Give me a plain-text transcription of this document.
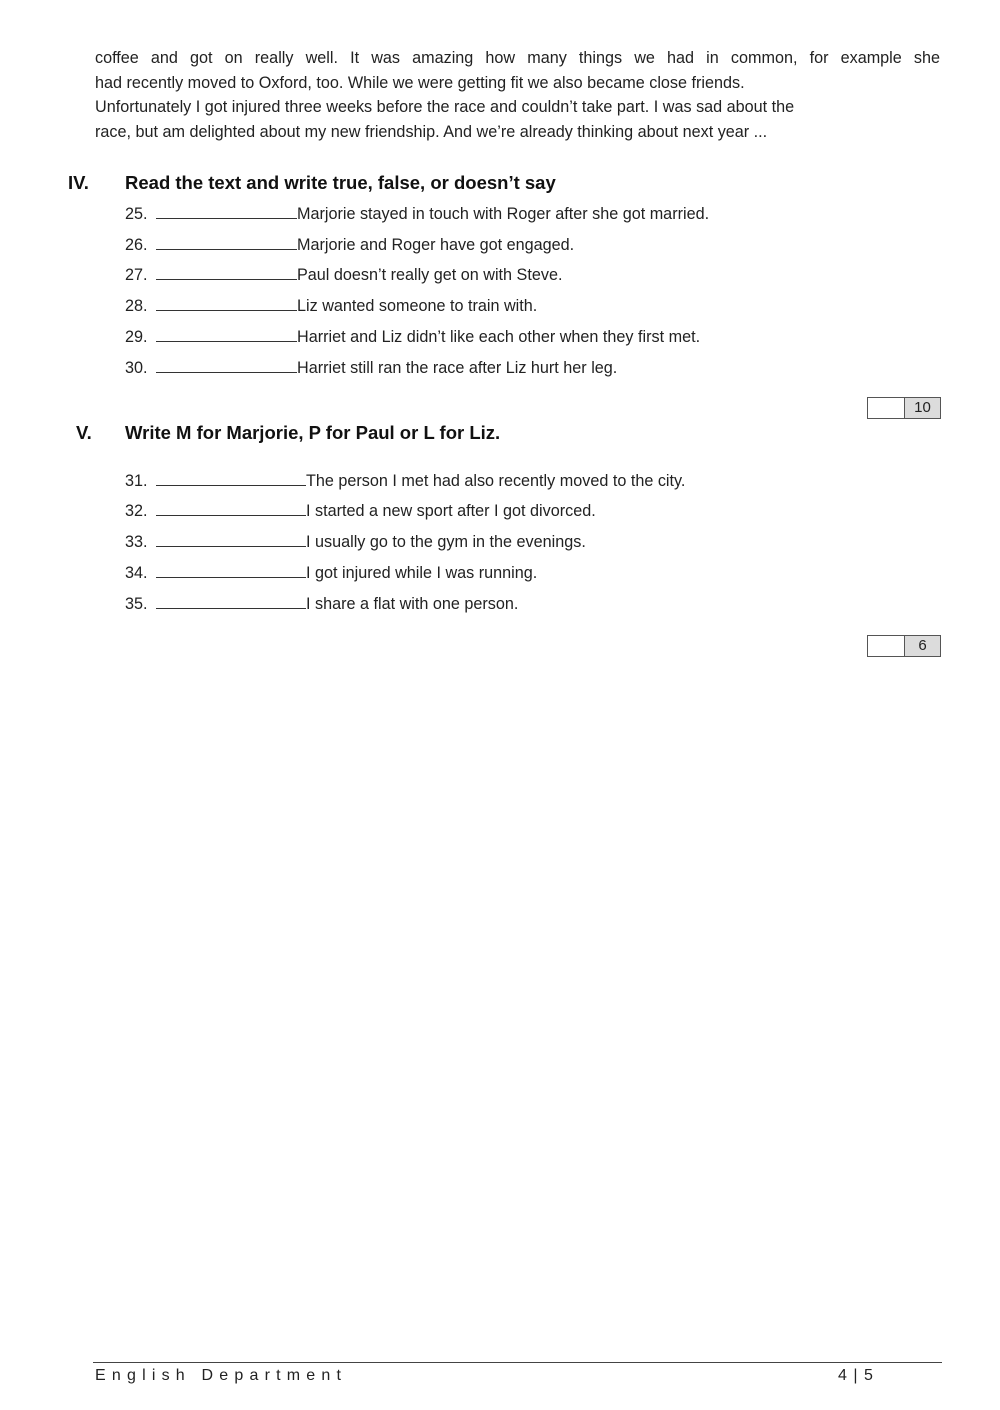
coffee and got on really well. It was amazing how many things we had in common, for example she
had recently moved to Oxford, too. While we were getting fit we also became close friends.
Unfortunately I got injured three weeks before the race and couldn’t take part. I was sad about the
race, but am delighted about my new friendship. And we’re already thinking about next year ...
IV. Read the text and write true, false, or doesn’t say
25.	Marjorie stayed in touch with Roger after she got married.
26.	Marjorie and Roger have got engaged.
27.	Paul doesn’t really get on with Steve.
28.	Liz wanted someone to train with.
29.	Harriet and Liz didn’t like each other when they first met.
30.	Harriet still ran the race after Liz hurt her leg.
10
V. Write M for Marjorie, P for Paul or L for Liz.
31.	The person I met had also recently moved to the city.
32.	I started a new sport after I got divorced.
33.	I usually go to the gym in the evenings.
34.	I got injured while I was running.
35.	I share a flat with one person.
6
English Department	4 | 5
